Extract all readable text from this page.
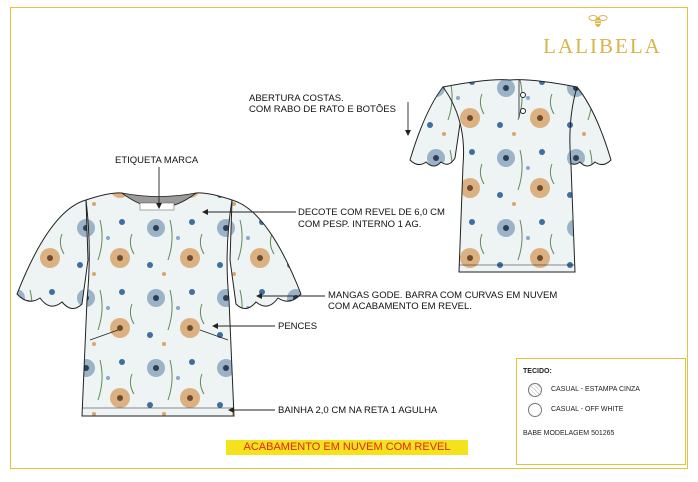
LALIBELA
ABERTURA COSTAS.
COM RABO DE RATO E BOTÕES
ETIQUETA MARCA
DECOTE COM REVEL DE 6,0 CM
COM PESP. INTERNO 1 AG.
MANGAS GODE. BARRA COM CURVAS EM NUVEM
COM ACABAMENTO EM REVEL.
PENCES
BAINHA 2,0 CM NA RETA 1 AGULHA
ACABAMENTO EM NUVEM COM REVEL
TECIDO:
CASUAL - ESTAMPA CINZA
CASUAL - OFF WHITE
BABE MODELAGEM 501265
